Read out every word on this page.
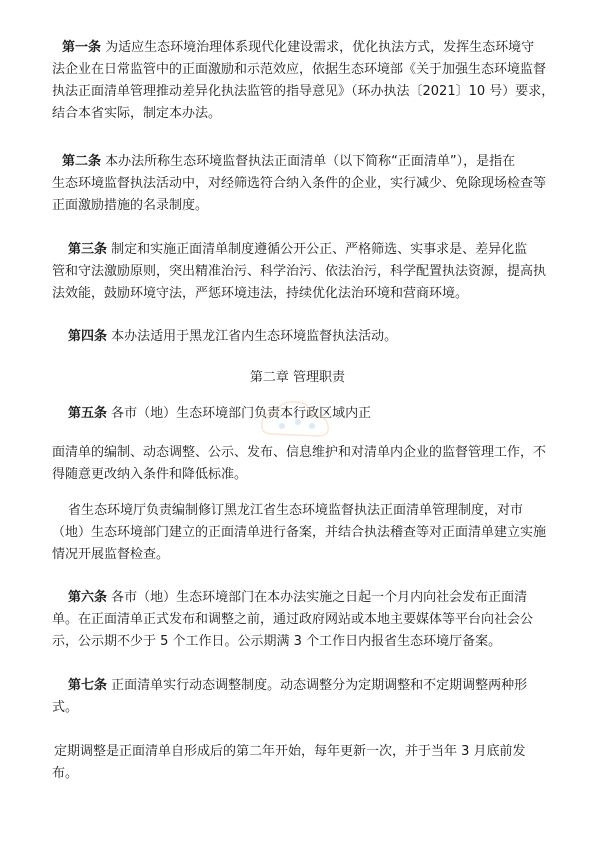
第一条 为适应生态环境治理体系现代化建设需求，优化执法方式，发挥生态环境守
法企业在日常监管中的正面激励和示范效应，依据生态环境部《关于加强生态环境监督
执法正面清单管理推动差异化执法监管的指导意见》（环办执法〔2021〕10 号）要求，
结合本省实际，制定本办法。
第二条 本办法所称生态环境监督执法正面清单（以下简称“正面清单”），是指在
生态环境监督执法活动中，对经筛选符合纳入条件的企业，实行减少、免除现场检查等
正面激励措施的名录制度。
第三条 制定和实施正面清单制度遵循公开公正、严格筛选、实事求是、差异化监
管和守法激励原则，突出精准治污、科学治污、依法治污，科学配置执法资源，提高执
法效能，鼓励环境守法，严惩环境违法，持续优化法治环境和营商环境。
第四条 本办法适用于黑龙江省内生态环境监督执法活动。
第二章 管理职责
第五条 各市（地）生态环境部门负责本行政区域内正
面清单的编制、动态调整、公示、发布、信息维护和对清单内企业的监督管理工作，不
得随意更改纳入条件和降低标准。
省生态环境厅负责编制修订黑龙江省生态环境监督执法正面清单管理制度，对市
（地）生态环境部门建立的正面清单进行备案，并结合执法稽查等对正面清单建立实施
情况开展监督检查。
第六条 各市（地）生态环境部门在本办法实施之日起一个月内向社会发布正面清
单。在正面清单正式发布和调整之前，通过政府网站或本地主要媒体等平台向社会公
示，公示期不少于 5 个工作日。公示期满 3 个工作日内报省生态环境厅备案。
第七条 正面清单实行动态调整制度。动态调整分为定期调整和不定期调整两种形
式。
定期调整是正面清单自形成后的第二年开始，每年更新一次，并于当年 3 月底前发
布。
